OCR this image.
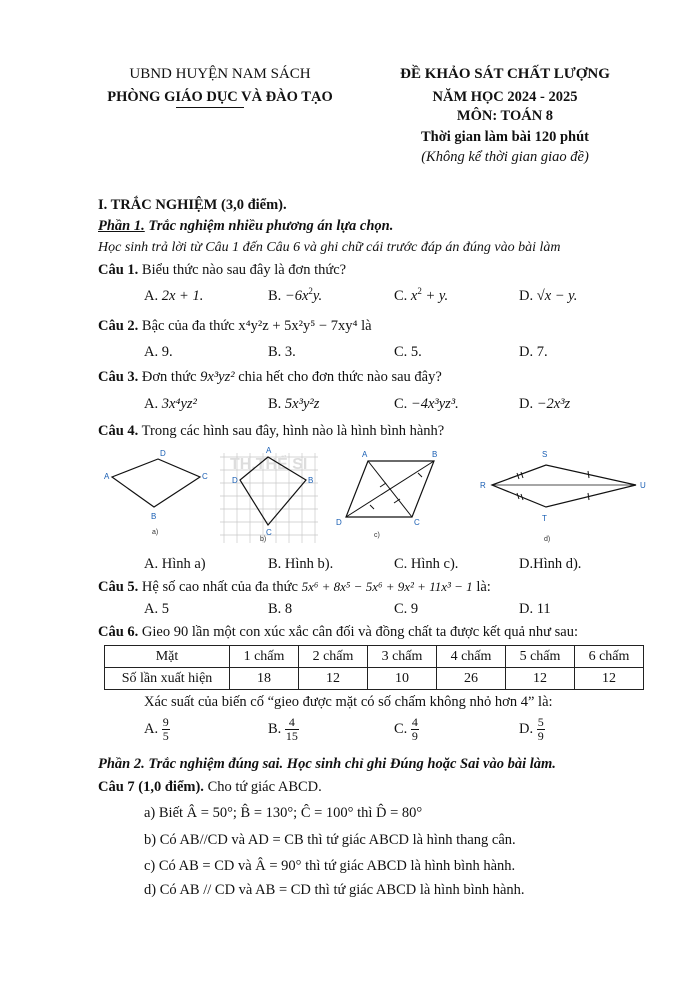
UBND HUYỆN NAM SÁCH
PHÒNG GIÁO DỤC VÀ ĐÀO TẠO
ĐỀ KHẢO SÁT CHẤT LƯỢNG
NĂM HỌC 2024 - 2025
MÔN: TOÁN 8
Thời gian làm bài 120 phút
(Không kể thời gian giao đề)
I. TRẮC NGHIỆM (3,0 điểm).
Phần 1. Trắc nghiệm nhiều phương án lựa chọn.
Học sinh trả lời từ Câu 1 đến Câu 6 và ghi chữ cái trước đáp án đúng vào bài làm
Câu 1. Biểu thức nào sau đây là đơn thức?
A. 2x + 1.	B. $-6x^2y$.	C. $x^2 + y$.	D. √x − y.
Câu 2. Bậc của đa thức x⁴y²z + 5x²y⁵ − 7xy⁴ là
A. 9.	B. 3.	C. 5.	D. 7.
Câu 3. Đơn thức 9x³yz² chia hết cho đơn thức nào sau đây?
A. 3x⁴yz²	B. 5x³y²z	C. −4x³yz³.	D. −2x³z
Câu 4. Trong các hình sau đây, hình nào là hình bình hành?
D
A	C
B
a)
TH.THỂ SI
A
D	B
C
b)
A	B
D	C
c)
S
R	U
T
d)
A. Hình a)	B. Hình b).	C. Hình c).	D.Hình d).
Câu 5. Hệ số cao nhất của đa thức 5x⁶ + 8x⁵ − 5x⁶ + 9x² + 11x³ − 1 là:
A. 5	B. 8	C. 9	D. 11
Câu 6. Gieo 90 lần một con xúc xắc cân đối và đồng chất ta được kết quả như sau:
Mặt	1 chấm	2 chấm	3 chấm	4 chấm	5 chấm	6 chấm
Số lần xuất hiện	18	12	10	26	12	12
Xác suất của biến cố “gieo được mặt có số chấm không nhỏ hơn 4” là:
A. $\frac{9}{5}$	B. $\frac{4}{15}$	C. $\frac{4}{9}$	D. $\frac{5}{9}$
Phần 2. Trắc nghiệm đúng sai. Học sinh chỉ ghi Đúng hoặc Sai vào bài làm.
Câu 7 (1,0 điểm). Cho tứ giác ABCD.
a) Biết Â = 50°; B̂ = 130°; Ĉ = 100° thì D̂ = 80°
b) Có AB//CD và AD = CB thì tứ giác ABCD là hình thang cân.
c) Có AB = CD và Â = 90° thì tứ giác ABCD là hình bình hành.
d) Có AB // CD và AB = CD thì tứ giác ABCD là hình bình hành.
